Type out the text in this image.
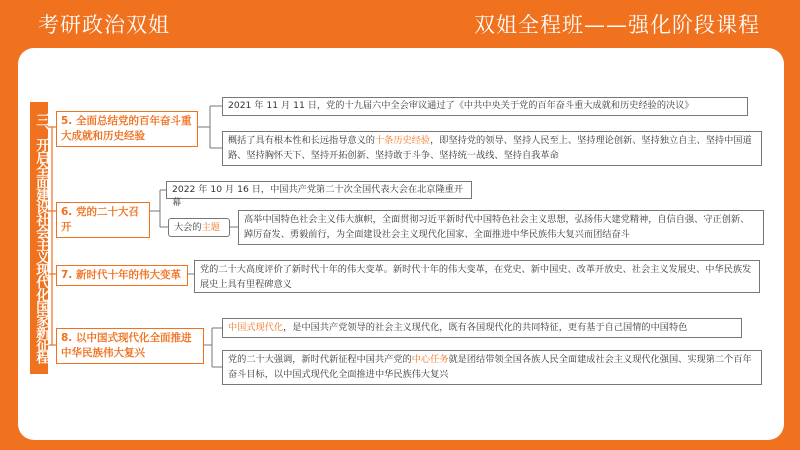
考研政治双姐	双姐全程班——强化阶段课程
三、开启全面建设社会主义现代化国家新征程	5. 全面总结党的百年奋斗重大成就和历史经验
2021 年 11 月 11 日，党的十九届六中全会审议通过了《中共中央关于党的百年奋斗重大成就和历史经验的决议》
概括了具有根本性和长远指导意义的十条历史经验，即坚持党的领导、坚持人民至上、坚持理论创新、坚持独立自主、坚持中国道路、坚持胸怀天下、坚持开拓创新、坚持敢于斗争、坚持统一战线、坚持自我革命
6. 党的二十大召开
2022 年 10 月 16 日，中国共产党第二十次全国代表大会在北京隆重开幕
大会的主题
高举中国特色社会主义伟大旗帜，全面贯彻习近平新时代中国特色社会主义思想，弘扬伟大建党精神，自信自强、守正创新、踔厉奋发、勇毅前行，为全面建设社会主义现代化国家、全面推进中华民族伟大复兴而团结奋斗
7. 新时代十年的伟大变革	党的二十大高度评价了新时代十年的伟大变革。新时代十年的伟大变革，在党史、新中国史、改革开放史、社会主义发展史、中华民族发展史上具有里程碑意义
8. 以中国式现代化全面推进中华民族伟大复兴
中国式现代化，是中国共产党领导的社会主义现代化，既有各国现代化的共同特征，更有基于自己国情的中国特色
党的二十大强调，新时代新征程中国共产党的中心任务就是团结带领全国各族人民全面建成社会主义现代化强国、实现第二个百年奋斗目标，以中国式现代化全面推进中华民族伟大复兴
